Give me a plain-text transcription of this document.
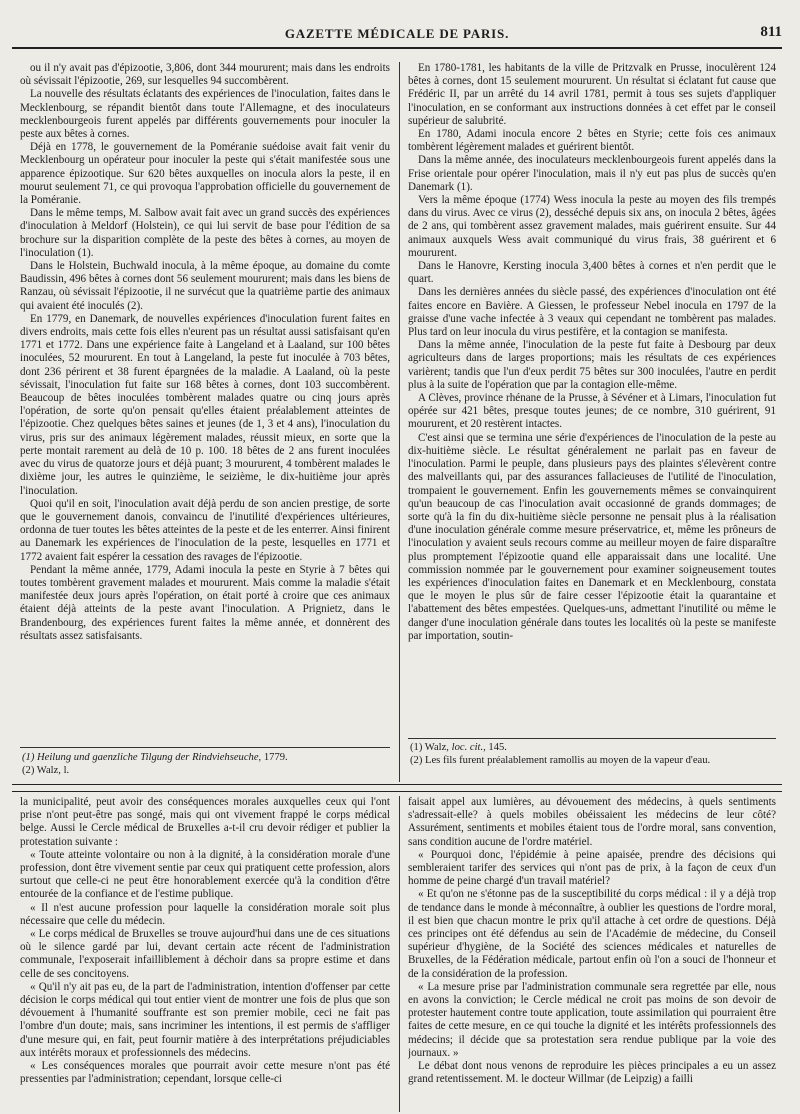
GAZETTE MÉDICALE DE PARIS.	811

ou il n'y avait pas d'épizootie, 3,806, dont 344 moururent; mais dans les endroits où sévissait l'épizootie, 269, sur lesquelles 94 succombèrent.

La nouvelle des résultats éclatants des expériences de l'inoculation, faites dans le Mecklenbourg, se répandit bientôt dans toute l'Allemagne, et des inoculateurs mecklenbourgeois furent appelés par différents gouvernements pour inoculer la peste aux bêtes à cornes.

Déjà en 1778, le gouvernement de la Poméranie suédoise avait fait venir du Mecklenbourg un opérateur pour inoculer la peste qui s'était manifestée sous une apparence épizootique. Sur 620 bêtes auxquelles on inocula alors la peste, il en mourut seulement 71, ce qui provoqua l'approbation officielle du gouvernement de la Poméranie.

Dans le même temps, M. Salbow avait fait avec un grand succès des expériences d'inoculation à Meldorf (Holstein), ce qui lui servit de base pour l'édition de sa brochure sur la disparition complète de la peste des bêtes à cornes, au moyen de l'inoculation (1).

Dans le Holstein, Buchwald inocula, à la même époque, au domaine du comte Baudissin, 496 bêtes à cornes dont 56 seulement moururent; mais dans les biens de Ranzau, où sévissait l'épizootie, il ne survécut que la quatrième partie des animaux qui avaient été inoculés (2).

En 1779, en Danemark, de nouvelles expériences d'inoculation furent faites en divers endroits, mais cette fois elles n'eurent pas un résultat aussi satisfaisant qu'en 1771 et 1772. Dans une expérience faite à Langeland et à Laaland, sur 100 bêtes inoculées, 52 moururent. En tout à Langeland, la peste fut inoculée à 703 bêtes, dont 236 périrent et 38 furent épargnées de la maladie. A Laaland, où la peste sévissait, l'inoculation fut faite sur 168 bêtes à cornes, dont 103 succombèrent. Beaucoup de bêtes inoculées tombèrent malades quatre ou cinq jours après l'opération, de sorte qu'on pensait qu'elles étaient préalablement atteintes de l'épizootie. Chez quelques bêtes saines et jeunes (de 1, 3 et 4 ans), l'inoculation du virus, pris sur des animaux légèrement malades, réussit mieux, en sorte que la perte montait rarement au delà de 10 p. 100. 18 bêtes de 2 ans furent inoculées avec du virus de quatorze jours et déjà puant; 3 moururent, 4 tombèrent malades le dixième jour, les autres le quinzième, le seizième, le dix-huitième jour après l'inoculation.

Quoi qu'il en soit, l'inoculation avait déjà perdu de son ancien prestige, de sorte que le gouvernement danois, convaincu de l'inutilité d'expériences ultérieures, ordonna de tuer toutes les bêtes atteintes de la peste et de les enterrer. Ainsi finirent au Danemark les expériences de l'inoculation de la peste, lesquelles en 1771 et 1772 avaient fait espérer la cessation des ravages de l'épizootie.

Pendant la même année, 1779, Adami inocula la peste en Styrie à 7 bêtes qui toutes tombèrent gravement malades et moururent. Mais comme la maladie s'était manifestée deux jours après l'opération, on était porté à croire que ces animaux étaient déjà atteints de la peste avant l'inoculation. A Prignietz, dans le Brandenbourg, des expériences furent faites la même année, et donnèrent des résultats assez satisfaisants.

En 1780-1781, les habitants de la ville de Pritzvalk en Prusse, inoculèrent 124 bêtes à cornes, dont 15 seulement moururent. Un résultat si éclatant fut cause que Frédéric II, par un arrêté du 14 avril 1781, permit à tous ses sujets d'appliquer l'inoculation, en se conformant aux instructions données à cet effet par le conseil supérieur de salubrité.

En 1780, Adami inocula encore 2 bêtes en Styrie; cette fois ces animaux tombèrent légèrement malades et guérirent bientôt.

Dans la même année, des inoculateurs mecklenbourgeois furent appelés dans la Frise orientale pour opérer l'inoculation, mais il n'y eut pas plus de succès qu'en Danemark (1).

Vers la même époque (1774) Wess inocula la peste au moyen des fils trempés dans du virus. Avec ce virus (2), desséché depuis six ans, on inocula 2 bêtes, âgées de 2 ans, qui tombèrent assez gravement malades, mais guérirent ensuite. Sur 44 animaux auxquels Wess avait communiqué du virus frais, 38 guérirent et 6 moururent.

Dans le Hanovre, Kersting inocula 3,400 bêtes à cornes et n'en perdit que le quart.

Dans les dernières années du siècle passé, des expériences d'inoculation ont été faites encore en Bavière. A Giessen, le professeur Nebel inocula en 1797 de la graisse d'une vache infectée à 3 veaux qui cependant ne tombèrent pas malades. Plus tard on leur inocula du virus pestifère, et la contagion se manifesta.

Dans la même année, l'inoculation de la peste fut faite à Desbourg par deux agriculteurs dans de larges proportions; mais les résultats de ces expériences varièrent; tandis que l'un d'eux perdit 75 bêtes sur 300 inoculées, l'autre en perdit plus à la suite de l'opération que par la contagion elle-même.

A Clèves, province rhénane de la Prusse, à Sévéner et à Limars, l'inoculation fut opérée sur 421 bêtes, presque toutes jeunes; de ce nombre, 310 guérirent, 91 moururent, et 20 restèrent intactes.

C'est ainsi que se termina une série d'expériences de l'inoculation de la peste au dix-huitième siècle. Le résultat généralement ne parlait pas en faveur de l'inoculation. Parmi le peuple, dans plusieurs pays des plaintes s'élevèrent contre des malveillants qui, par des assurances fallacieuses de l'utilité de l'inoculation, trompaient le gouvernement. Enfin les gouvernements mêmes se convainquirent qu'un beaucoup de cas l'inoculation avait occasionné de grands dommages; de sorte qu'à la fin du dix-huitième siècle personne ne pensait plus à la réalisation d'une inoculation générale comme mesure préservatrice, et, même les prôneurs de l'inoculation y avaient seuls recours comme au meilleur moyen de faire disparaître plus promptement l'épizootie quand elle apparaissait dans une localité. Une commission nommée par le gouvernement pour examiner soigneusement toutes les expériences d'inoculation faites en Danemark et en Mecklenbourg, constata que le moyen le plus sûr de faire cesser l'épizootie était la quarantaine et l'abattement des bêtes empestées. Quelques-uns, admettant l'inutilité ou même le danger d'une inoculation générale dans toutes les localités où la peste se manifeste par importation, soutin-

(1) Heilung und gaenzliche Tilgung der Rindviehseuche, 1779.

(2) Walz, l.

(1) Walz, loc. cit., 145.

(2) Les fils furent préalablement ramollis au moyen de la vapeur d'eau.

la municipalité, peut avoir des conséquences morales auxquelles ceux qui l'ont prise n'ont peut-être pas songé, mais qui ont vivement frappé le corps médical belge. Aussi le Cercle médical de Bruxelles a-t-il cru devoir rédiger et publier la protestation suivante :

« Toute atteinte volontaire ou non à la dignité, à la considération morale d'une profession, dont être vivement sentie par ceux qui pratiquent cette profession, alors surtout que celle-ci ne peut être honorablement exercée qu'à la condition d'être entourée de la confiance et de l'estime publique.

« Il n'est aucune profession pour laquelle la considération morale soit plus nécessaire que celle du médecin.

« Le corps médical de Bruxelles se trouve aujourd'hui dans une de ces situations où le silence gardé par lui, devant certain acte récent de l'administration communale, l'exposerait infailliblement à déchoir dans sa propre estime et dans celle de ses concitoyens.

« Qu'il n'y ait pas eu, de la part de l'administration, intention d'offenser par cette décision le corps médical qui tout entier vient de montrer une fois de plus que son dévouement à l'humanité souffrante est son premier mobile, ceci ne fait pas l'ombre d'un doute; mais, sans incriminer les intentions, il est permis de s'affliger d'une mesure qui, en fait, peut fournir matière à des interprétations préjudiciables aux intérêts moraux et professionnels des médecins.

« Les conséquences morales que pourrait avoir cette mesure n'ont pas été pressenties par l'administration; cependant, lorsque celle-ci

faisait appel aux lumières, au dévouement des médecins, à quels sentiments s'adressait-elle? à quels mobiles obéissaient les médecins de leur côté? Assurément, sentiments et mobiles étaient tous de l'ordre moral, sans convention, sans condition aucune de l'ordre matériel.

« Pourquoi donc, l'épidémie à peine apaisée, prendre des décisions qui sembleraient tarifer des services qui n'ont pas de prix, à la façon de ceux d'un homme de peine chargé d'un travail matériel?

« Et qu'on ne s'étonne pas de la susceptibilité du corps médical : il y a déjà trop de tendance dans le monde à méconnaître, à oublier les questions de l'ordre moral, il est bien que chacun montre le prix qu'il attache à cet ordre de questions. Déjà ces principes ont été défendus au sein de l'Académie de médecine, du Conseil supérieur d'hygiène, de la Société des sciences médicales et naturelles de Bruxelles, de la Fédération médicale, partout enfin où l'on a souci de l'honneur et de la considération de la profession.

« La mesure prise par l'administration communale sera regrettée par elle, nous en avons la conviction; le Cercle médical ne croit pas moins de son devoir de protester hautement contre toute application, toute assimilation qui pourraient être faites de cette mesure, en ce qui touche la dignité et les intérêts professionnels des médecins; il décide que sa protestation sera rendue publique par la voie des journaux. »

Le débat dont nous venons de reproduire les pièces principales a eu un assez grand retentissement. M. le docteur Willmar (de Leipzig) a failli
